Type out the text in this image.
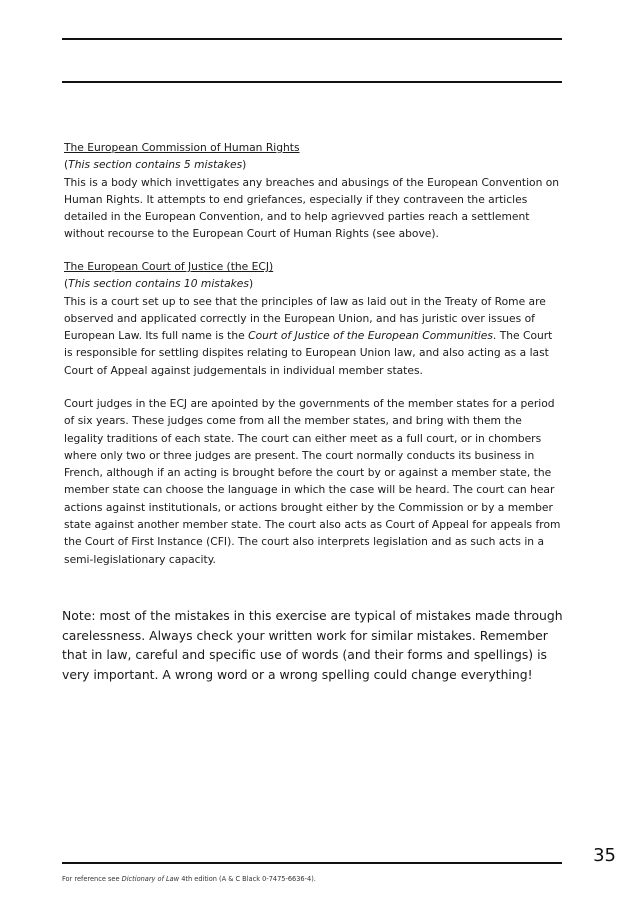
The European Commission of Human Rights

(This section contains 5 mistakes)

This is a body which invettigates any breaches and abusings of the European Convention on Human Rights. It attempts to end griefances, especially if they contraveen the articles detailed in the European Convention, and to help agrievved parties reach a settlement without recourse to the European Court of Human Rights (see above).

The European Court of Justice (the ECJ)

(This section contains 10 mistakes)

This is a court set up to see that the principles of law as laid out in the Treaty of Rome are observed and applicated correctly in the European Union, and has juristic over issues of European Law. Its full name is the Court of Justice of the European Communities. The Court is responsible for settling dispites relating to European Union law, and also acting as a last Court of Appeal against judgementals in individual member states.

Court judges in the ECJ are apointed by the governments of the member states for a period of six years. These judges come from all the member states, and bring with them the legality traditions of each state. The court can either meet as a full court, or in chombers where only two or three judges are present. The court normally conducts its business in French, although if an acting is brought before the court by or against a member state, the member state can choose the language in which the case will be heard. The court can hear actions against institutionals, or actions brought either by the Commission or by a member state against another member state. The court also acts as Court of Appeal for appeals from the Court of First Instance (CFI). The court also interprets legislation and as such acts in a semi-legislationary capacity.

Note: most of the mistakes in this exercise are typical of mistakes made through carelessness. Always check your written work for similar mistakes. Remember that in law, careful and specific use of words (and their forms and spellings) is very important. A wrong word or a wrong spelling could change everything!
35
For reference see Dictionary of Law 4th edition (A & C Black 0-7475-6636-4).
